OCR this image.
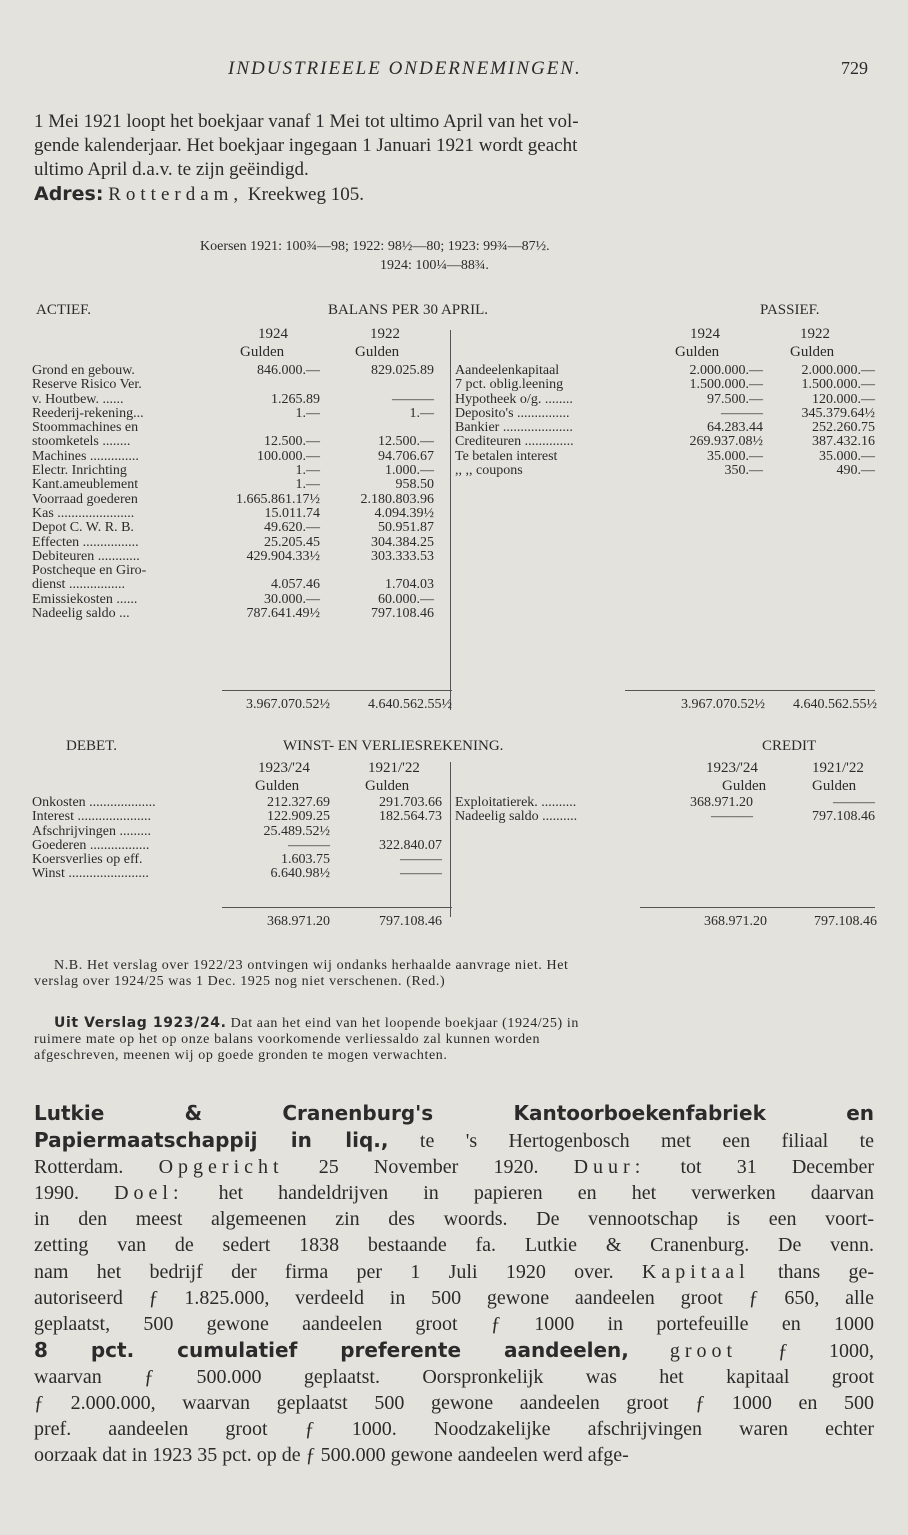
INDUSTRIEELE ONDERNEMINGEN.	729
1 Mei 1921 loopt het boekjaar vanaf 1 Mei tot ultimo April van het vol-
gende kalenderjaar. Het boekjaar ingegaan 1 Januari 1921 wordt geacht
ultimo April d.a.v. te zijn geëindigd.
Adres: Rotterdam, Kreekweg 105.
Koersen 1921: 100¾—98; 1922: 98½—80; 1923: 99¾—87½.
1924: 100¼—88¾.
ACTIEF.	BALANS PER 30 APRIL.	PASSIEF.
1924	1922
Gulden	Gulden
1924	1922
Gulden	Gulden
Grond en gebouw.	846.000.—	829.025.89
Reserve Risico Ver.
v. Houtbew. ......	1.265.89	———
Reederij-rekening...	1.—	1.—
Stoommachines en
stoomketels ........	12.500.—	12.500.—
Machines ..............	100.000.—	94.706.67
Electr. Inrichting	1.—	1.000.—
Kant.ameublement	1.—	958.50
Voorraad goederen	1.665.861.17½	2.180.803.96
Kas ......................	15.011.74	4.094.39½
Depot C. W. R. B.	49.620.—	50.951.87
Effecten ................	25.205.45	304.384.25
Debiteuren ............	429.904.33½	303.333.53
Postcheque en Giro-
dienst ................	4.057.46	1.704.03
Emissiekosten ......	30.000.—	60.000.—
Nadeelig saldo ...	787.641.49½	797.108.46
Aandeelenkapitaal	2.000.000.—	2.000.000.—
7 pct. oblig.leening	1.500.000.—	1.500.000.—
Hypotheek o/g. ........	97.500.—	120.000.—
Deposito's ...............	———	345.379.64½
Bankier ....................	64.283.44	252.260.75
Crediteuren ..............	269.937.08½	387.432.16
Te betalen interest	35.000.—	35.000.—
,, ,, coupons	350.—	490.—
3.967.070.52½	4.640.562.55½	3.967.070.52½ 4.640.562.55½
DEBET.	WINST- EN VERLIESREKENING.	CREDIT
1923/'24	1921/'22
Gulden	Gulden
1923/'24	1921/'22
Gulden	Gulden
Onkosten ...................	212.327.69	291.703.66
Interest .....................	122.909.25	182.564.73
Afschrijvingen .........	25.489.52½
Goederen .................	———	322.840.07
Koersverlies op eff.	1.603.75	———
Winst .......................	6.640.98½	———
Exploitatierek. ..........	368.971.20	———
Nadeelig saldo ..........	———	797.108.46
368.971.20	797.108.46	368.971.20	797.108.46
N.B. Het verslag over 1922/23 ontvingen wij ondanks herhaalde aanvrage niet. Het
verslag over 1924/25 was 1 Dec. 1925 nog niet verschenen. (Red.)
Uit Verslag 1923/24. Dat aan het eind van het loopende boekjaar (1924/25) in
ruimere mate op het op onze balans voorkomende verliessaldo zal kunnen worden
afgeschreven, meenen wij op goede gronden te mogen verwachten.
Lutkie & Cranenburg's Kantoorboekenfabriek en
Papiermaatschappij in liq., te 's Hertogenbosch met een filiaal te
Rotterdam. Opgericht 25 November 1920. Duur: tot 31 December
1990. Doel: het handeldrijven in papieren en het verwerken daarvan
in den meest algemeenen zin des woords. De vennootschap is een voort-
zetting van de sedert 1838 bestaande fa. Lutkie & Cranenburg. De venn.
nam het bedrijf der firma per 1 Juli 1920 over. Kapitaal thans ge-
autoriseerd ƒ 1.825.000, verdeeld in 500 gewone aandeelen groot ƒ 650, alle
geplaatst, 500 gewone aandeelen groot ƒ 1000 in portefeuille en 1000
8 pct. cumulatief preferente aandeelen, groot ƒ 1000,
waarvan ƒ 500.000 geplaatst. Oorspronkelijk was het kapitaal groot
ƒ 2.000.000, waarvan geplaatst 500 gewone aandeelen groot ƒ 1000 en 500
pref. aandeelen groot ƒ 1000. Noodzakelijke afschrijvingen waren echter
oorzaak dat in 1923 35 pct. op de ƒ 500.000 gewone aandeelen werd afge-
